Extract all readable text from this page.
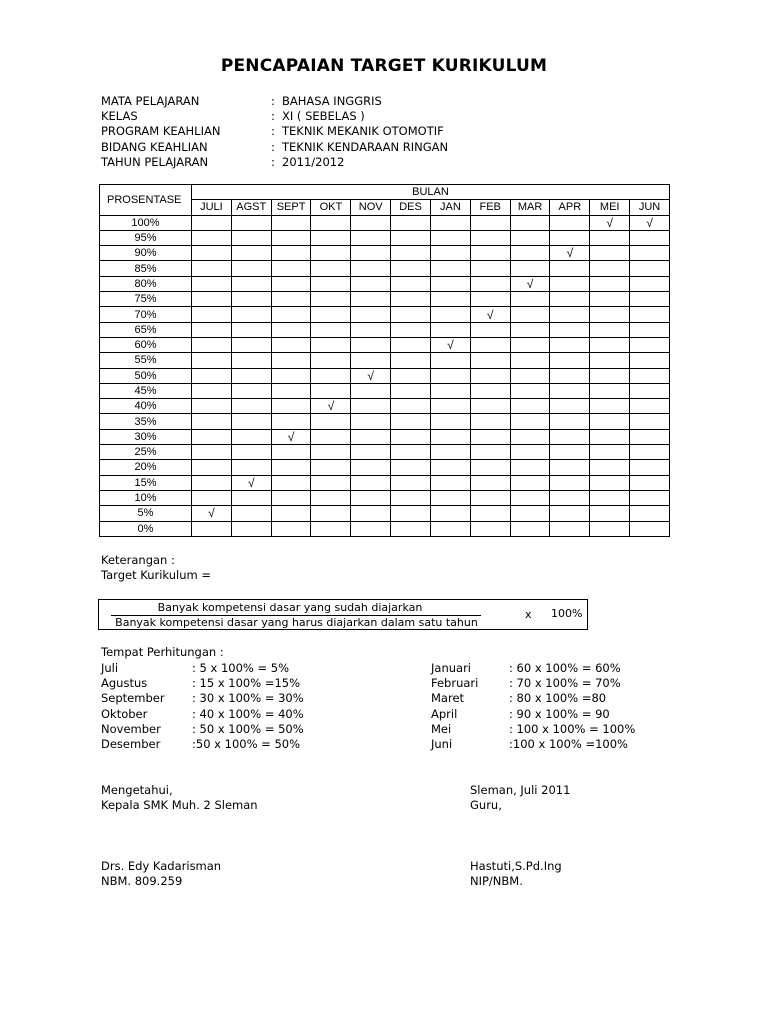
PENCAPAIAN TARGET KURIKULUM
MATA PELAJARAN	: BAHASA INGGRIS
KELAS	: XI ( SEBELAS )
PROGRAM KEAHLIAN	: TEKNIK MEKANIK OTOMOTIF
BIDANG KEAHLIAN	: TEKNIK KENDARAAN RINGAN
TAHUN PELAJARAN	: 2011/2012
PROSENTASE	BULAN											
	JULI	AGST	SEPT	OKT	NOV	DES	JAN	FEB	MAR	APR	MEI	JUN
100%											√	√
95%												
90%										√		
85%												
80%									√			
75%												
70%								√				
65%												
60%							√					
55%												
50%					√							
45%												
40%				√								
35%												
30%			√									
25%												
20%												
15%		√										
10%												
5%	√											
0%												
Keterangan :
Target Kurikulum =
Banyak kompetensi dasar yang sudah diajarkan
Banyak kompetensi dasar yang harus diajarkan dalam satu tahun
x 100%
Tempat Perhitungan :
Juli	: 5 x 100% = 5%
Agustus	: 15 x 100% =15%
September : 30 x 100% = 30%
Oktober	: 40 x 100% = 40%
November	: 50 x 100% = 50%
Desember	:50 x 100% = 50%
Januari	: 60 x 100% = 60%
Februari	: 70 x 100% = 70%
Maret	: 80 x 100% =80
April	: 90 x 100% = 90
Mei	: 100 x 100% = 100%
Juni	:100 x 100% =100%
Mengetahui,
Kepala SMK Muh. 2 Sleman
Drs. Edy Kadarisman
NBM. 809.259
Sleman, Juli 2011
Guru,
Hastuti,S.Pd.Ing
NIP/NBM.
